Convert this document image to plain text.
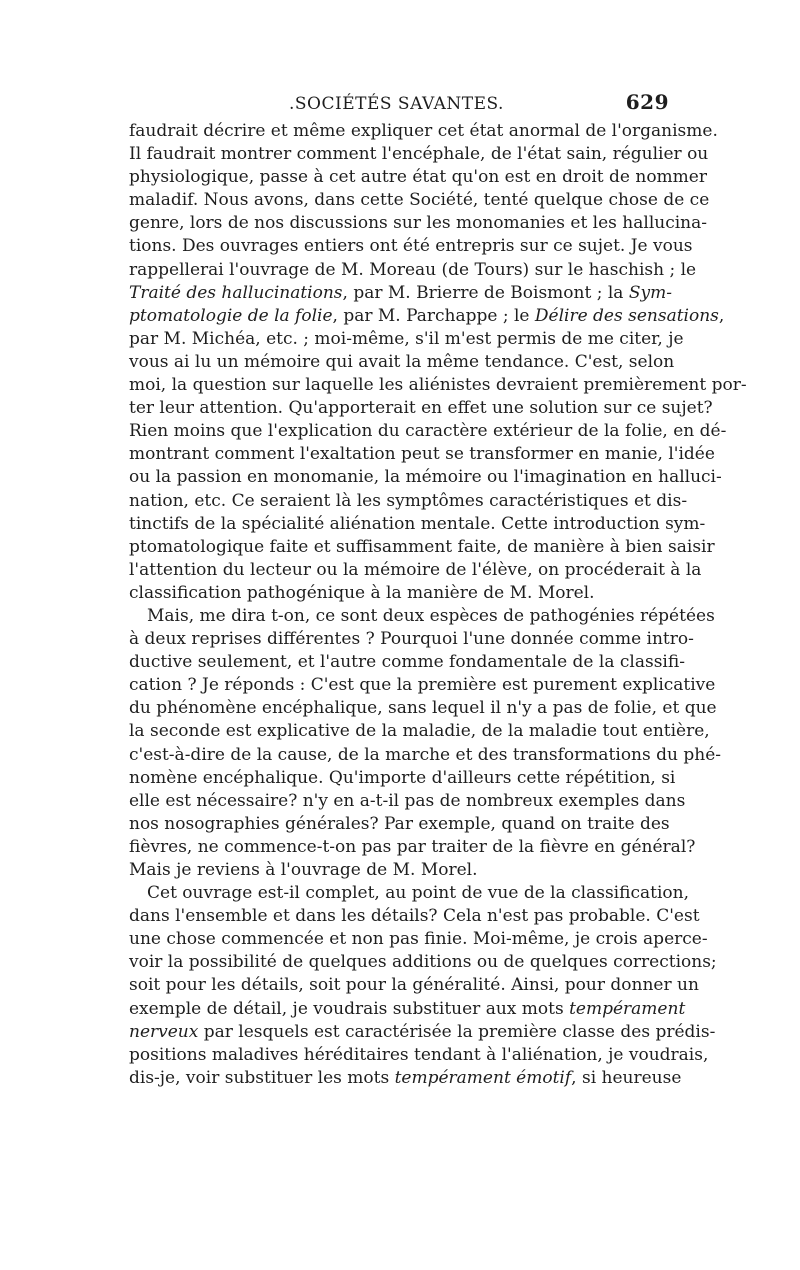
.SOCIÉTÉS SAVANTES.	629

faudrait décrire et même expliquer cet état anormal de l'organisme.
Il faudrait montrer comment l'encéphale, de l'état sain, régulier ou
physiologique, passe à cet autre état qu'on est en droit de nommer
maladif. Nous avons, dans cette Société, tenté quelque chose de ce
genre, lors de nos discussions sur les monomanies et les hallucina-
tions. Des ouvrages entiers ont été entrepris sur ce sujet. Je vous
rappellerai l'ouvrage de M. Moreau (de Tours) sur le haschish ; le
Traité des hallucinations, par M. Brierre de Boismont ; la Sym-
ptomatologie de la folie, par M. Parchappe ; le Délire des sensations,
par M. Michéa, etc. ; moi-même, s'il m'est permis de me citer, je
vous ai lu un mémoire qui avait la même tendance. C'est, selon
moi, la question sur laquelle les aliénistes devraient premièrement por-
ter leur attention. Qu'apporterait en effet une solution sur ce sujet?
Rien moins que l'explication du caractère extérieur de la folie, en dé-
montrant comment l'exaltation peut se transformer en manie, l'idée
ou la passion en monomanie, la mémoire ou l'imagination en halluci-
nation, etc. Ce seraient là les symptômes caractéristiques et dis-
tinctifs de la spécialité aliénation mentale. Cette introduction sym-
ptomatologique faite et suffisamment faite, de manière à bien saisir
l'attention du lecteur ou la mémoire de l'élève, on procéderait à la
classification pathogénique à la manière de M. Morel.

Mais, me dira t-on, ce sont deux espèces de pathogénies répétées
à deux reprises différentes ? Pourquoi l'une donnée comme intro-
ductive seulement, et l'autre comme fondamentale de la classifi-
cation ? Je réponds : C'est que la première est purement explicative
du phénomène encéphalique, sans lequel il n'y a pas de folie, et que
la seconde est explicative de la maladie, de la maladie tout entière,
c'est-à-dire de la cause, de la marche et des transformations du phé-
nomène encéphalique. Qu'importe d'ailleurs cette répétition, si
elle est nécessaire? n'y en a-t-il pas de nombreux exemples dans
nos nosographies générales? Par exemple, quand on traite des
fièvres, ne commence-t-on pas par traiter de la fièvre en général?
Mais je reviens à l'ouvrage de M. Morel.

Cet ouvrage est-il complet, au point de vue de la classification,
dans l'ensemble et dans les détails? Cela n'est pas probable. C'est
une chose commencée et non pas finie. Moi-même, je crois aperce-
voir la possibilité de quelques additions ou de quelques corrections;
soit pour les détails, soit pour la généralité. Ainsi, pour donner un
exemple de détail, je voudrais substituer aux mots tempérament
nerveux par lesquels est caractérisée la première classe des prédis-
positions maladives héréditaires tendant à l'aliénation, je voudrais,
dis-je, voir substituer les mots tempérament émotif, si heureuse
